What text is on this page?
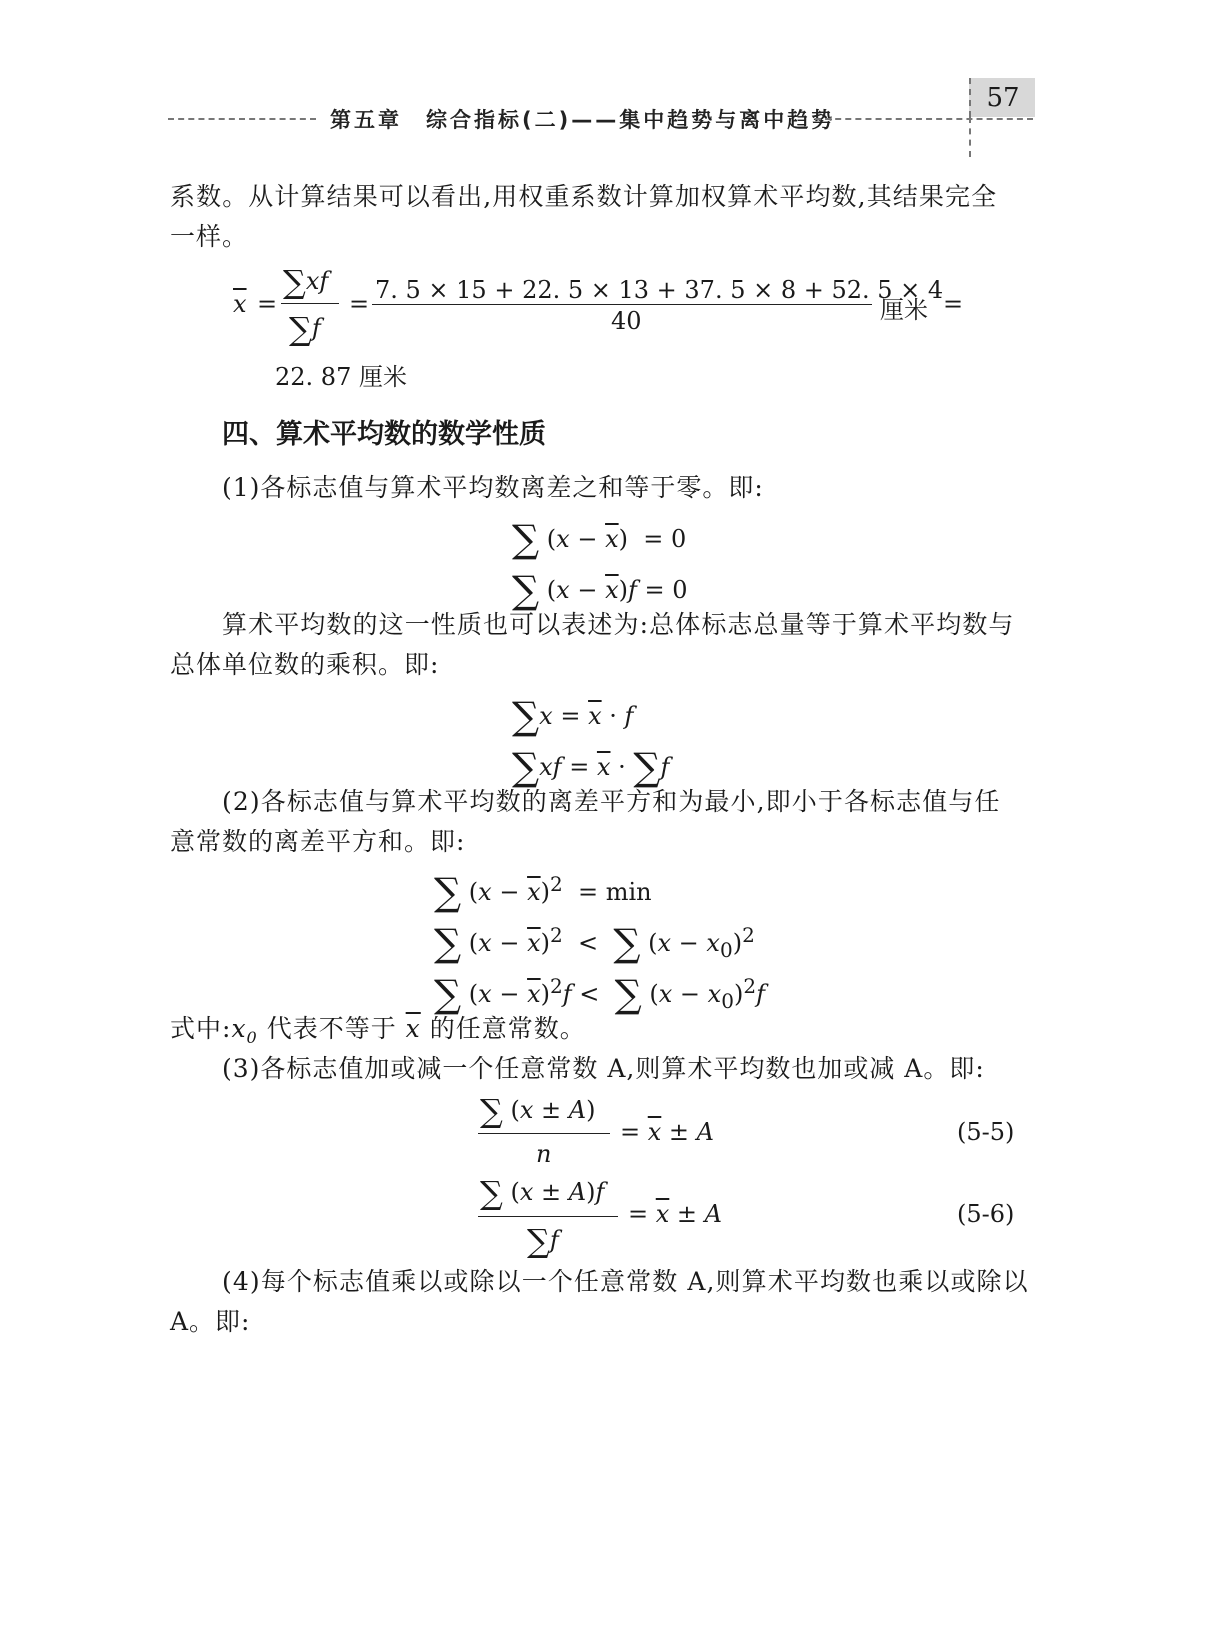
第五章　综合指标(二)——集中趋势与离中趋势
57
系数。从计算结果可以看出,用权重系数计算加权算术平均数,其结果完全
一样。
$\overline{x}$ =
∑xf
∑f
= 7. 5 × 15 + 22. 5 × 13 + 37. 5 × 8 + 52. 5 × 4
40	厘米 =
22. 87 厘米
四、算术平均数的数学性质
(1)各标志值与算术平均数离差之和等于零。即:
∑ $(x - \overline{x}) = 0$
∑ $(x - \overline{x})f = 0$
算术平均数的这一性质也可以表述为:总体标志总量等于算术平均数与
总体单位数的乘积。即:
$\sum x = \overline{x} \cdot f$
$\sum xf = \overline{x} \cdot \sum f$
(2)各标志值与算术平均数的离差平方和为最小,即小于各标志值与任
意常数的离差平方和。即:
∑ $(x - \overline{x})^2 = \min$
∑ $(x - \overline{x})^2$  <  ∑ $(x - x_0)^2$
∑ $(x - \overline{x})^2f$ <  ∑ $(x - x_0)^2f$
式中$:x_0$ 代表不等于 $\overline{x}$ 的任意常数。
(3)各标志值加或减一个任意常数 A,则算术平均数也加或减 A。即:
∑ (x ± A)
n
= $\overline{x} \pm A$	(5-5)
∑ (x ± A)f
∑f
= $\overline{x} \pm A$	(5-6)
(4)每个标志值乘以或除以一个任意常数 A,则算术平均数也乘以或除以
A。即:
